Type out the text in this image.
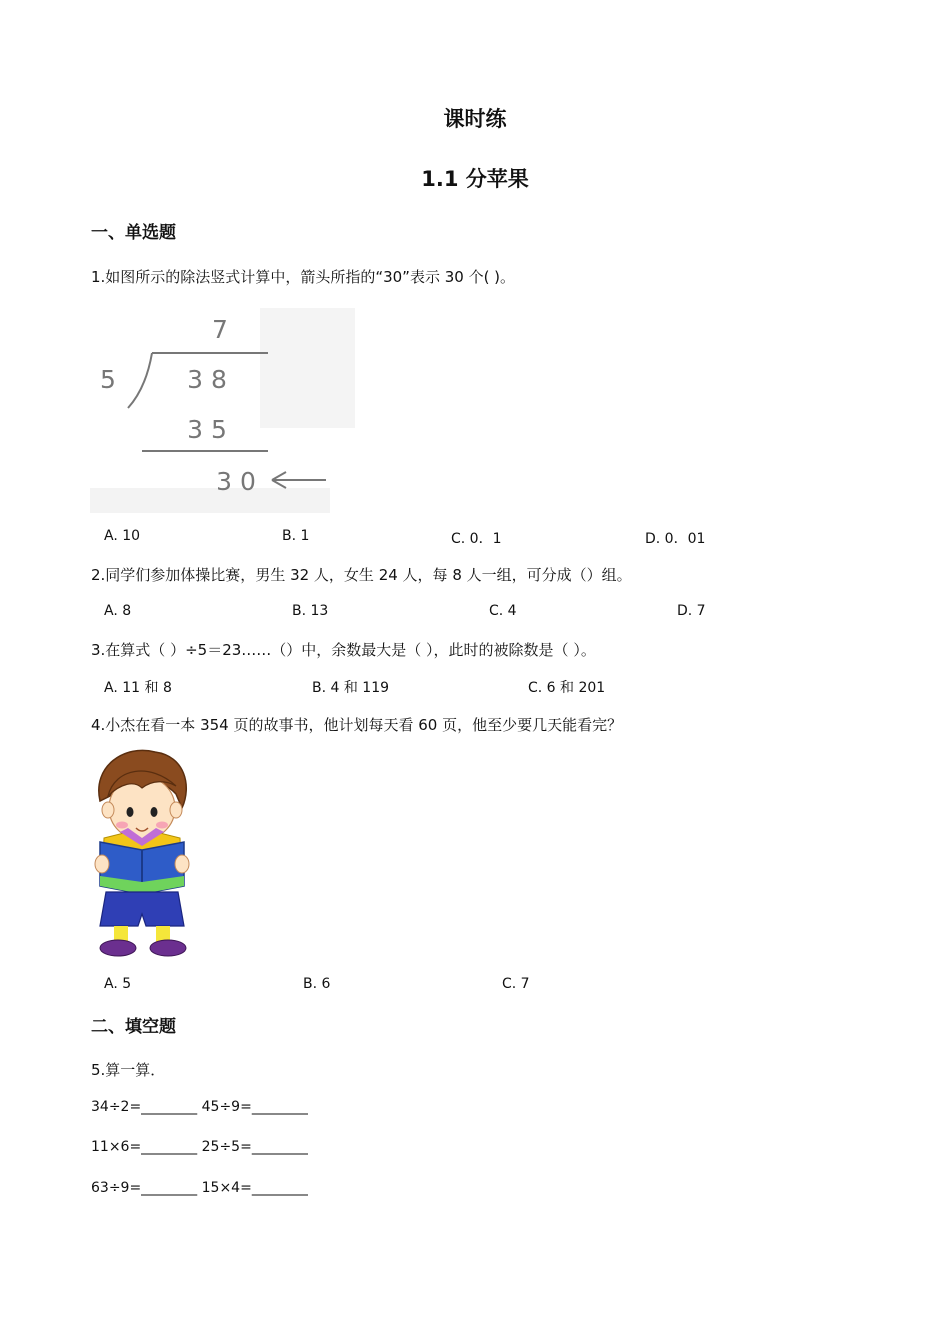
课时练
1.1 分苹果
一、单选题
1.如图所示的除法竖式计算中，箭头所指的“30”表示 30 个( )。
7
5	3 8
3 5
3 0
A. 10	B. 1	C. 0．1	D. 0．01
2.同学们参加体操比赛，男生 32 人，女生 24 人，每 8 人一组，可分成（）组。
A. 8	B. 13	C. 4	D. 7
3.在算式（ ）÷5＝23……（）中，余数最大是（ ），此时的被除数是（ ）。
A. 11 和 8	B. 4 和 119	C. 6 和 201
4.小杰在看一本 354 页的故事书，他计划每天看 60 页，他至少要几天能看完？
A. 5	B. 6	C. 7
二、填空题
5.算一算．
34÷2=________ 45÷9=________
11×6=________ 25÷5=________
63÷9=________ 15×4=________
